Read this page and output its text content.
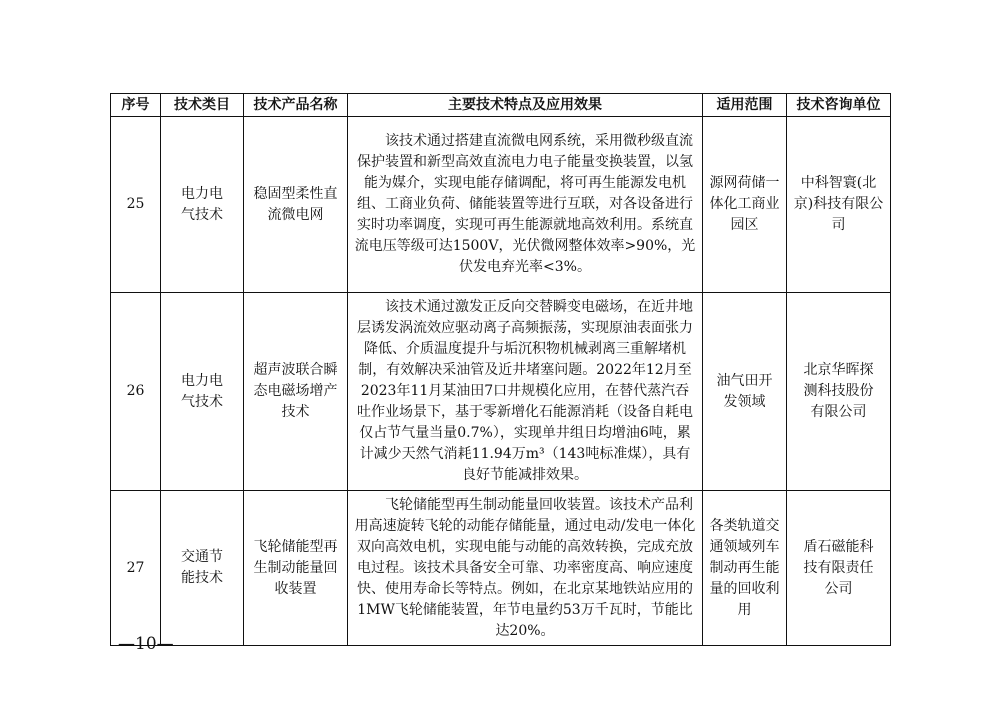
序号	技术类目	技术产品名称	主要技术特点及应用效果	适用范围	技术咨询单位
25	电力电气技术	稳固型柔性直流微电网	该技术通过搭建直流微电网系统，采用微秒级直流保护装置和新型高效直流电力电子能量变换装置，以氢能为媒介，实现电能存储调配，将可再生能源发电机组、工商业负荷、储能装置等进行互联，对各设备进行实时功率调度，实现可再生能源就地高效利用。系统直流电压等级可达1500V，光伏微网整体效率>90%，光伏发电弃光率<3%。	源网荷储一体化工商业园区	中科智寰(北京)科技有限公司

26	电力电气技术	超声波联合瞬态电磁场增产技术	该技术通过激发正反向交替瞬变电磁场，在近井地层诱发涡流效应驱动离子高频振荡，实现原油表面张力降低、介质温度提升与垢沉积物机械剥离三重解堵机制，有效解决采油管及近井堵塞问题。2022年12月至2023年11月某油田7口井规模化应用，在替代蒸汽吞吐作业场景下，基于零新增化石能源消耗（设备自耗电仅占节气量当量0.7%），实现单井组日均增油6吨，累计减少天然气消耗11.94万m³（143吨标准煤），具有良好节能减排效果。	油气田开发领域	北京华晖探测科技股份有限公司

27	交通节能技术	飞轮储能型再生制动能量回收装置	飞轮储能型再生制动能量回收装置。该技术产品利用高速旋转飞轮的动能存储能量，通过电动/发电一体化双向高效电机，实现电能与动能的高效转换，完成充放电过程。该技术具备安全可靠、功率密度高、响应速度快、使用寿命长等特点。例如，在北京某地铁站应用的1MW飞轮储能装置，年节电量约53万千瓦时，节能比达20%。	各类轨道交通领域列车制动再生能量的回收利用	盾石磁能科技有限责任公司
—10—
